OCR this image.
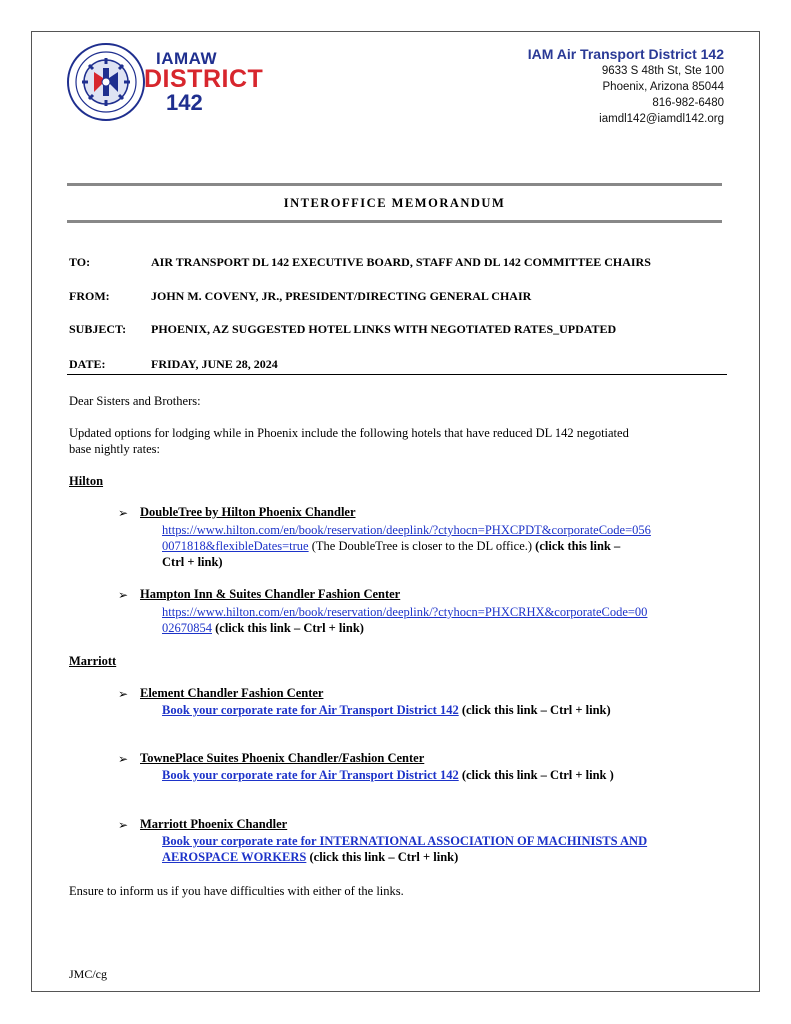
IAMAW
DISTRICT
142
IAM Air Transport District 142
9633 S 48th St, Ste 100
Phoenix, Arizona 85044
816-982-6480
iamdl142@iamdl142.org
INTEROFFICE MEMORANDUM
TO:	AIR TRANSPORT DL 142 EXECUTIVE BOARD, STAFF AND DL 142 COMMITTEE CHAIRS
FROM:	JOHN M. COVENY, JR., PRESIDENT/DIRECTING GENERAL CHAIR
SUBJECT: PHOENIX, AZ SUGGESTED HOTEL LINKS WITH NEGOTIATED RATES_UPDATED
DATE:	FRIDAY, JUNE 28, 2024
Dear Sisters and Brothers:
Updated options for lodging while in Phoenix include the following hotels that have reduced DL 142 negotiated
base nightly rates:
Hilton
➢ DoubleTree by Hilton Phoenix Chandler
https://www.hilton.com/en/book/reservation/deeplink/?ctyhocn=PHXCPDT&corporateCode=056
0071818&flexibleDates=true (The DoubleTree is closer to the DL office.) (click this link –
Ctrl + link)
➢ Hampton Inn & Suites Chandler Fashion Center
https://www.hilton.com/en/book/reservation/deeplink/?ctyhocn=PHXCRHX&corporateCode=00
02670854 (click this link – Ctrl + link)
Marriott
➢ Element Chandler Fashion Center
Book your corporate rate for Air Transport District 142 (click this link – Ctrl + link)
➢ TownePlace Suites Phoenix Chandler/Fashion Center
Book your corporate rate for Air Transport District 142 (click this link – Ctrl + link )
➢ Marriott Phoenix Chandler
Book your corporate rate for INTERNATIONAL ASSOCIATION OF MACHINISTS AND
AEROSPACE WORKERS (click this link – Ctrl + link)
Ensure to inform us if you have difficulties with either of the links.
JMC/cg
